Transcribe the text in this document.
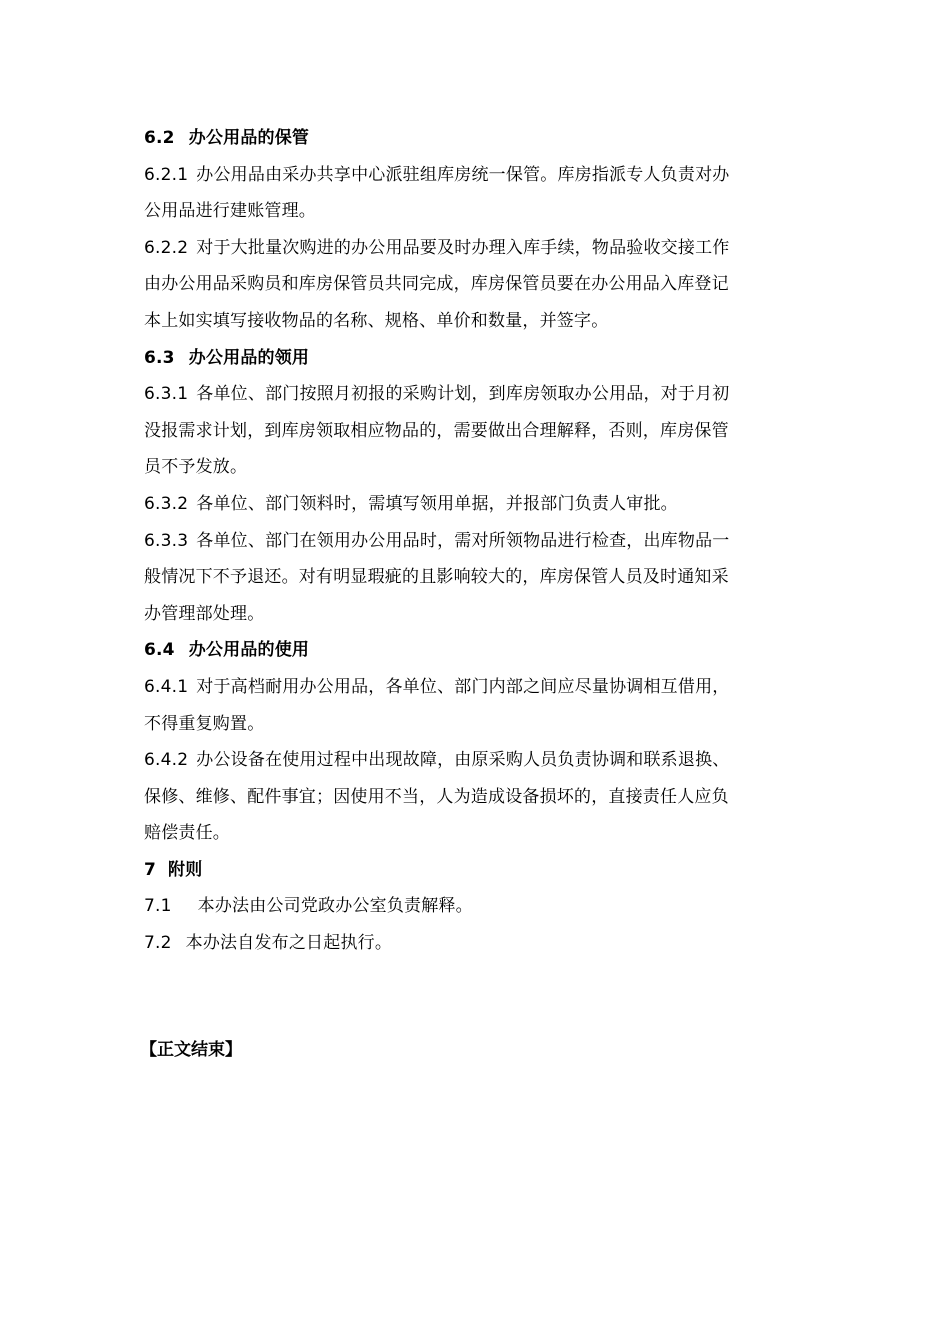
6.2 办公用品的保管
6.2.1 办公用品由采办共享中心派驻组库房统一保管。库房指派专人负责对办
公用品进行建账管理。
6.2.2 对于大批量次购进的办公用品要及时办理入库手续，物品验收交接工作
由办公用品采购员和库房保管员共同完成，库房保管员要在办公用品入库登记
本上如实填写接收物品的名称、规格、单价和数量，并签字。
6.3 办公用品的领用
6.3.1 各单位、部门按照月初报的采购计划，到库房领取办公用品，对于月初
没报需求计划，到库房领取相应物品的，需要做出合理解释，否则，库房保管
员不予发放。
6.3.2 各单位、部门领料时，需填写领用单据，并报部门负责人审批。
6.3.3 各单位、部门在领用办公用品时，需对所领物品进行检查，出库物品一
般情况下不予退还。对有明显瑕疵的且影响较大的，库房保管人员及时通知采
办管理部处理。
6.4 办公用品的使用
6.4.1 对于高档耐用办公用品，各单位、部门内部之间应尽量协调相互借用，
不得重复购置。
6.4.2 办公设备在使用过程中出现故障，由原采购人员负责协调和联系退换、
保修、维修、配件事宜；因使用不当，人为造成设备损坏的，直接责任人应负
赔偿责任。
7 附则
7.1 本办法由公司党政办公室负责解释。
7.2 本办法自发布之日起执行。
【正文结束】
